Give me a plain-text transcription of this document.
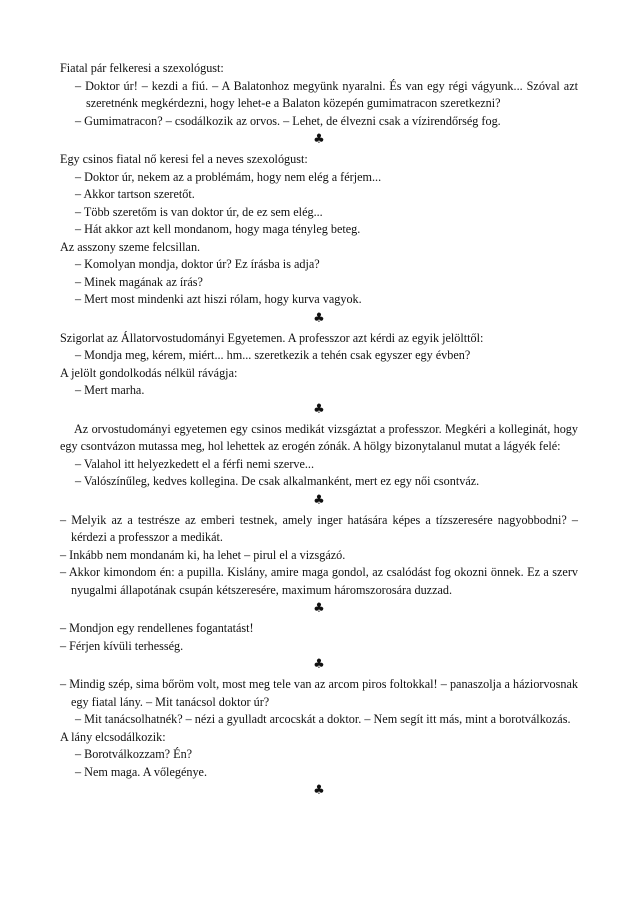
Fiatal pár felkeresi a szexológust:

– Doktor úr! – kezdi a fiú. – A Balatonhoz megyünk nyaralni. És van egy régi vágyunk... Szóval azt szeretnénk megkérdezni, hogy lehet-e a Balaton közepén gumimatracon szeretkezni?

– Gumimatracon? – csodálkozik az orvos. – Lehet, de élvezni csak a vízirendőrség fog.

♣

Egy csinos fiatal nő keresi fel a neves szexológust:

– Doktor úr, nekem az a problémám, hogy nem elég a férjem...

– Akkor tartson szeretőt.

– Több szeretőm is van doktor úr, de ez sem elég...

– Hát akkor azt kell mondanom, hogy maga tényleg beteg.

Az asszony szeme felcsillan.

– Komolyan mondja, doktor úr? Ez írásba is adja?

– Minek magának az írás?

– Mert most mindenki azt hiszi rólam, hogy kurva vagyok.

♣

Szigorlat az Állatorvostudományi Egyetemen. A professzor azt kérdi az egyik jelölttől:

– Mondja meg, kérem, miért... hm... szeretkezik a tehén csak egyszer egy évben?

A jelölt gondolkodás nélkül rávágja:

– Mert marha.

♣

Az orvostudományi egyetemen egy csinos medikát vizsgáztat a professzor. Megkéri a kolleginát, hogy egy csontvázon mutassa meg, hol lehettek az erogén zónák. A hölgy bizonytalanul mutat a lágyék felé:

– Valahol itt helyezkedett el a férfi nemi szerve...

– Valószínűleg, kedves kollegina. De csak alkalmanként, mert ez egy női csontváz.

♣

– Melyik az a testrésze az emberi testnek, amely inger hatására képes a tízszeresére nagyobbodni? – kérdezi a professzor a medikát.

– Inkább nem mondanám ki, ha lehet – pirul el a vizsgázó.

– Akkor kimondom én: a pupilla. Kislány, amire maga gondol, az csalódást fog okozni önnek. Ez a szerv nyugalmi állapotának csupán kétszeresére, maximum háromszorosára duzzad.

♣

– Mondjon egy rendellenes fogantatást!

– Férjen kívüli terhesség.

♣

– Mindig szép, sima bőröm volt, most meg tele van az arcom piros foltokkal! – panaszolja a háziorvosnak egy fiatal lány. – Mit tanácsol doktor úr?

– Mit tanácsolhatnék? – nézi a gyulladt arcocskát a doktor. – Nem segít itt más, mint a borotválkozás.

A lány elcsodálkozik:

– Borotválkozzam? Én?

– Nem maga. A vőlegénye.

♣
